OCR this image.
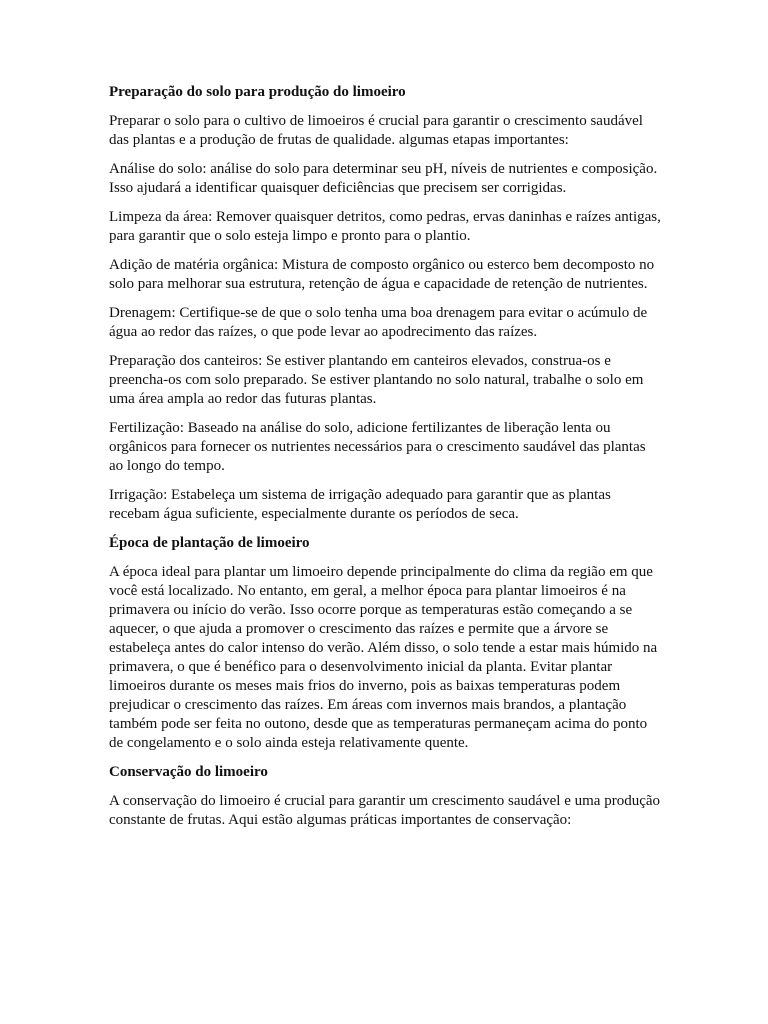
Preparação do solo para produção do limoeiro

Preparar o solo para o cultivo de limoeiros é crucial para garantir o crescimento saudável das plantas e a produção de frutas de qualidade. algumas etapas importantes:

Análise do solo: análise do solo para determinar seu pH, níveis de nutrientes e composição. Isso ajudará a identificar quaisquer deficiências que precisem ser corrigidas.

Limpeza da área: Remover quaisquer detritos, como pedras, ervas daninhas e raízes antigas, para garantir que o solo esteja limpo e pronto para o plantio.

Adição de matéria orgânica: Mistura de composto orgânico ou esterco bem decomposto no solo para melhorar sua estrutura, retenção de água e capacidade de retenção de nutrientes.

Drenagem: Certifique-se de que o solo tenha uma boa drenagem para evitar o acúmulo de água ao redor das raízes, o que pode levar ao apodrecimento das raízes.

Preparação dos canteiros: Se estiver plantando em canteiros elevados, construa-os e preencha-os com solo preparado. Se estiver plantando no solo natural, trabalhe o solo em uma área ampla ao redor das futuras plantas.

Fertilização: Baseado na análise do solo, adicione fertilizantes de liberação lenta ou orgânicos para fornecer os nutrientes necessários para o crescimento saudável das plantas ao longo do tempo.

Irrigação: Estabeleça um sistema de irrigação adequado para garantir que as plantas recebam água suficiente, especialmente durante os períodos de seca.

Época de plantação de limoeiro

A época ideal para plantar um limoeiro depende principalmente do clima da região em que você está localizado. No entanto, em geral, a melhor época para plantar limoeiros é na primavera ou início do verão. Isso ocorre porque as temperaturas estão começando a se aquecer, o que ajuda a promover o crescimento das raízes e permite que a árvore se estabeleça antes do calor intenso do verão. Além disso, o solo tende a estar mais húmido na primavera, o que é benéfico para o desenvolvimento inicial da planta. Evitar plantar limoeiros durante os meses mais frios do inverno, pois as baixas temperaturas podem prejudicar o crescimento das raízes. Em áreas com invernos mais brandos, a plantação também pode ser feita no outono, desde que as temperaturas permaneçam acima do ponto de congelamento e o solo ainda esteja relativamente quente.

Conservação do limoeiro

A conservação do limoeiro é crucial para garantir um crescimento saudável e uma produção constante de frutas. Aqui estão algumas práticas importantes de conservação:
